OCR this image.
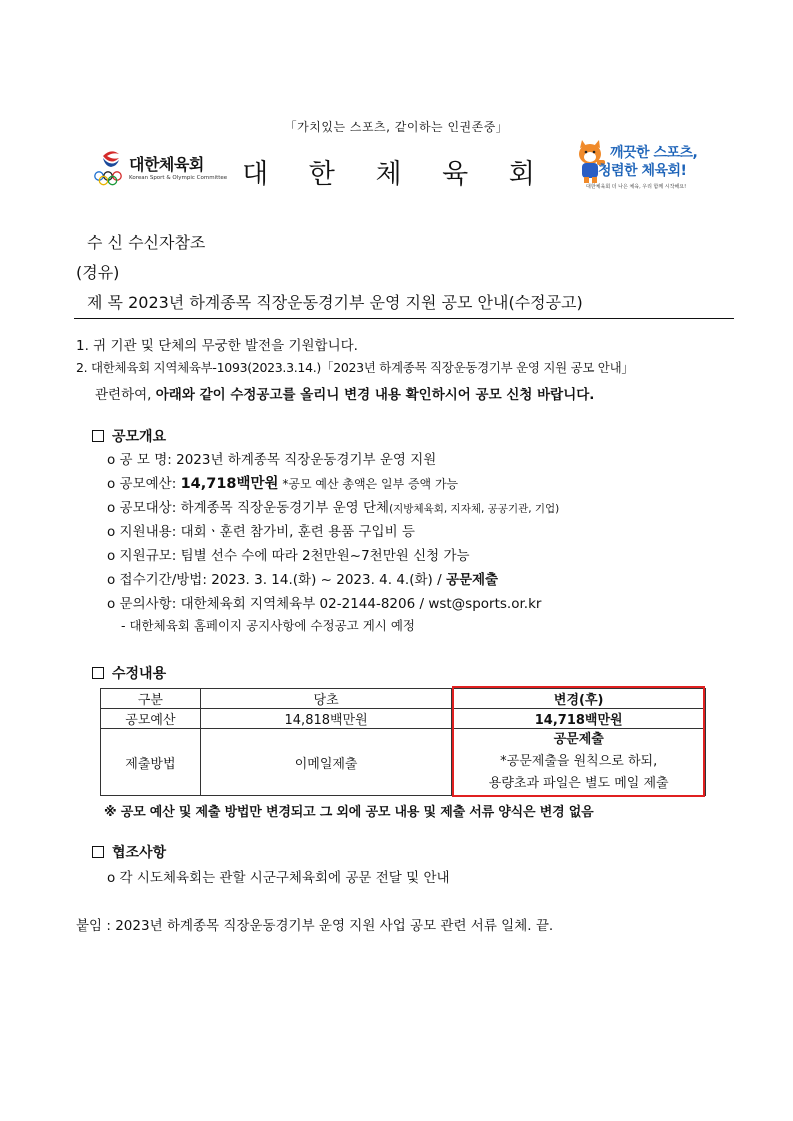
「가치있는 스포츠, 같이하는 인권존중」
대한체육회
Korean Sport & Olympic Committee 대 한 체 육 회
깨끗한 스포츠,
청렴한 체육회!
대한체육회 더 나은 체육, 우리 함께 시작해요!
수 신 수신자참조
(경유)
제 목 2023년 하계종목 직장운동경기부 운영 지원 공모 안내(수정공고)
1. 귀 기관 및 단체의 무궁한 발전을 기원합니다.
2. 대한체육회 지역체육부-1093(2023.3.14.)「2023년 하계종목 직장운동경기부 운영 지원 공모 안내」
관련하여, 아래와 같이 수정공고를 올리니 변경 내용 확인하시어 공모 신청 바랍니다.
공모개요
o 공 모 명: 2023년 하계종목 직장운동경기부 운영 지원
o 공모예산: 14,718백만원 *공모 예산 총액은 일부 증액 가능
o 공모대상: 하계종목 직장운동경기부 운영 단체(지방체육회, 지자체, 공공기관, 기업)
o 지원내용: 대회ㆍ훈련 참가비, 훈련 용품 구입비 등
o 지원규모: 팀별 선수 수에 따라 2천만원~7천만원 신청 가능
o 접수기간/방법: 2023. 3. 14.(화) ~ 2023. 4. 4.(화) / 공문제출
o 문의사항: 대한체육회 지역체육부 02-2144-8206 / wst@sports.or.kr
- 대한체육회 홈페이지 공지사항에 수정공고 게시 예정
수정내용
구분	당초	변경(후)
공모예산	14,818백만원	14,718백만원
제출방법	이메일제출	공문제출
*공문제출을 원칙으로 하되,
용량초과 파일은 별도 메일 제출
※ 공모 예산 및 제출 방법만 변경되고 그 외에 공모 내용 및 제출 서류 양식은 변경 없음
협조사항
o 각 시도체육회는 관할 시군구체육회에 공문 전달 및 안내
붙임 : 2023년 하계종목 직장운동경기부 운영 지원 사업 공모 관련 서류 일체. 끝.
